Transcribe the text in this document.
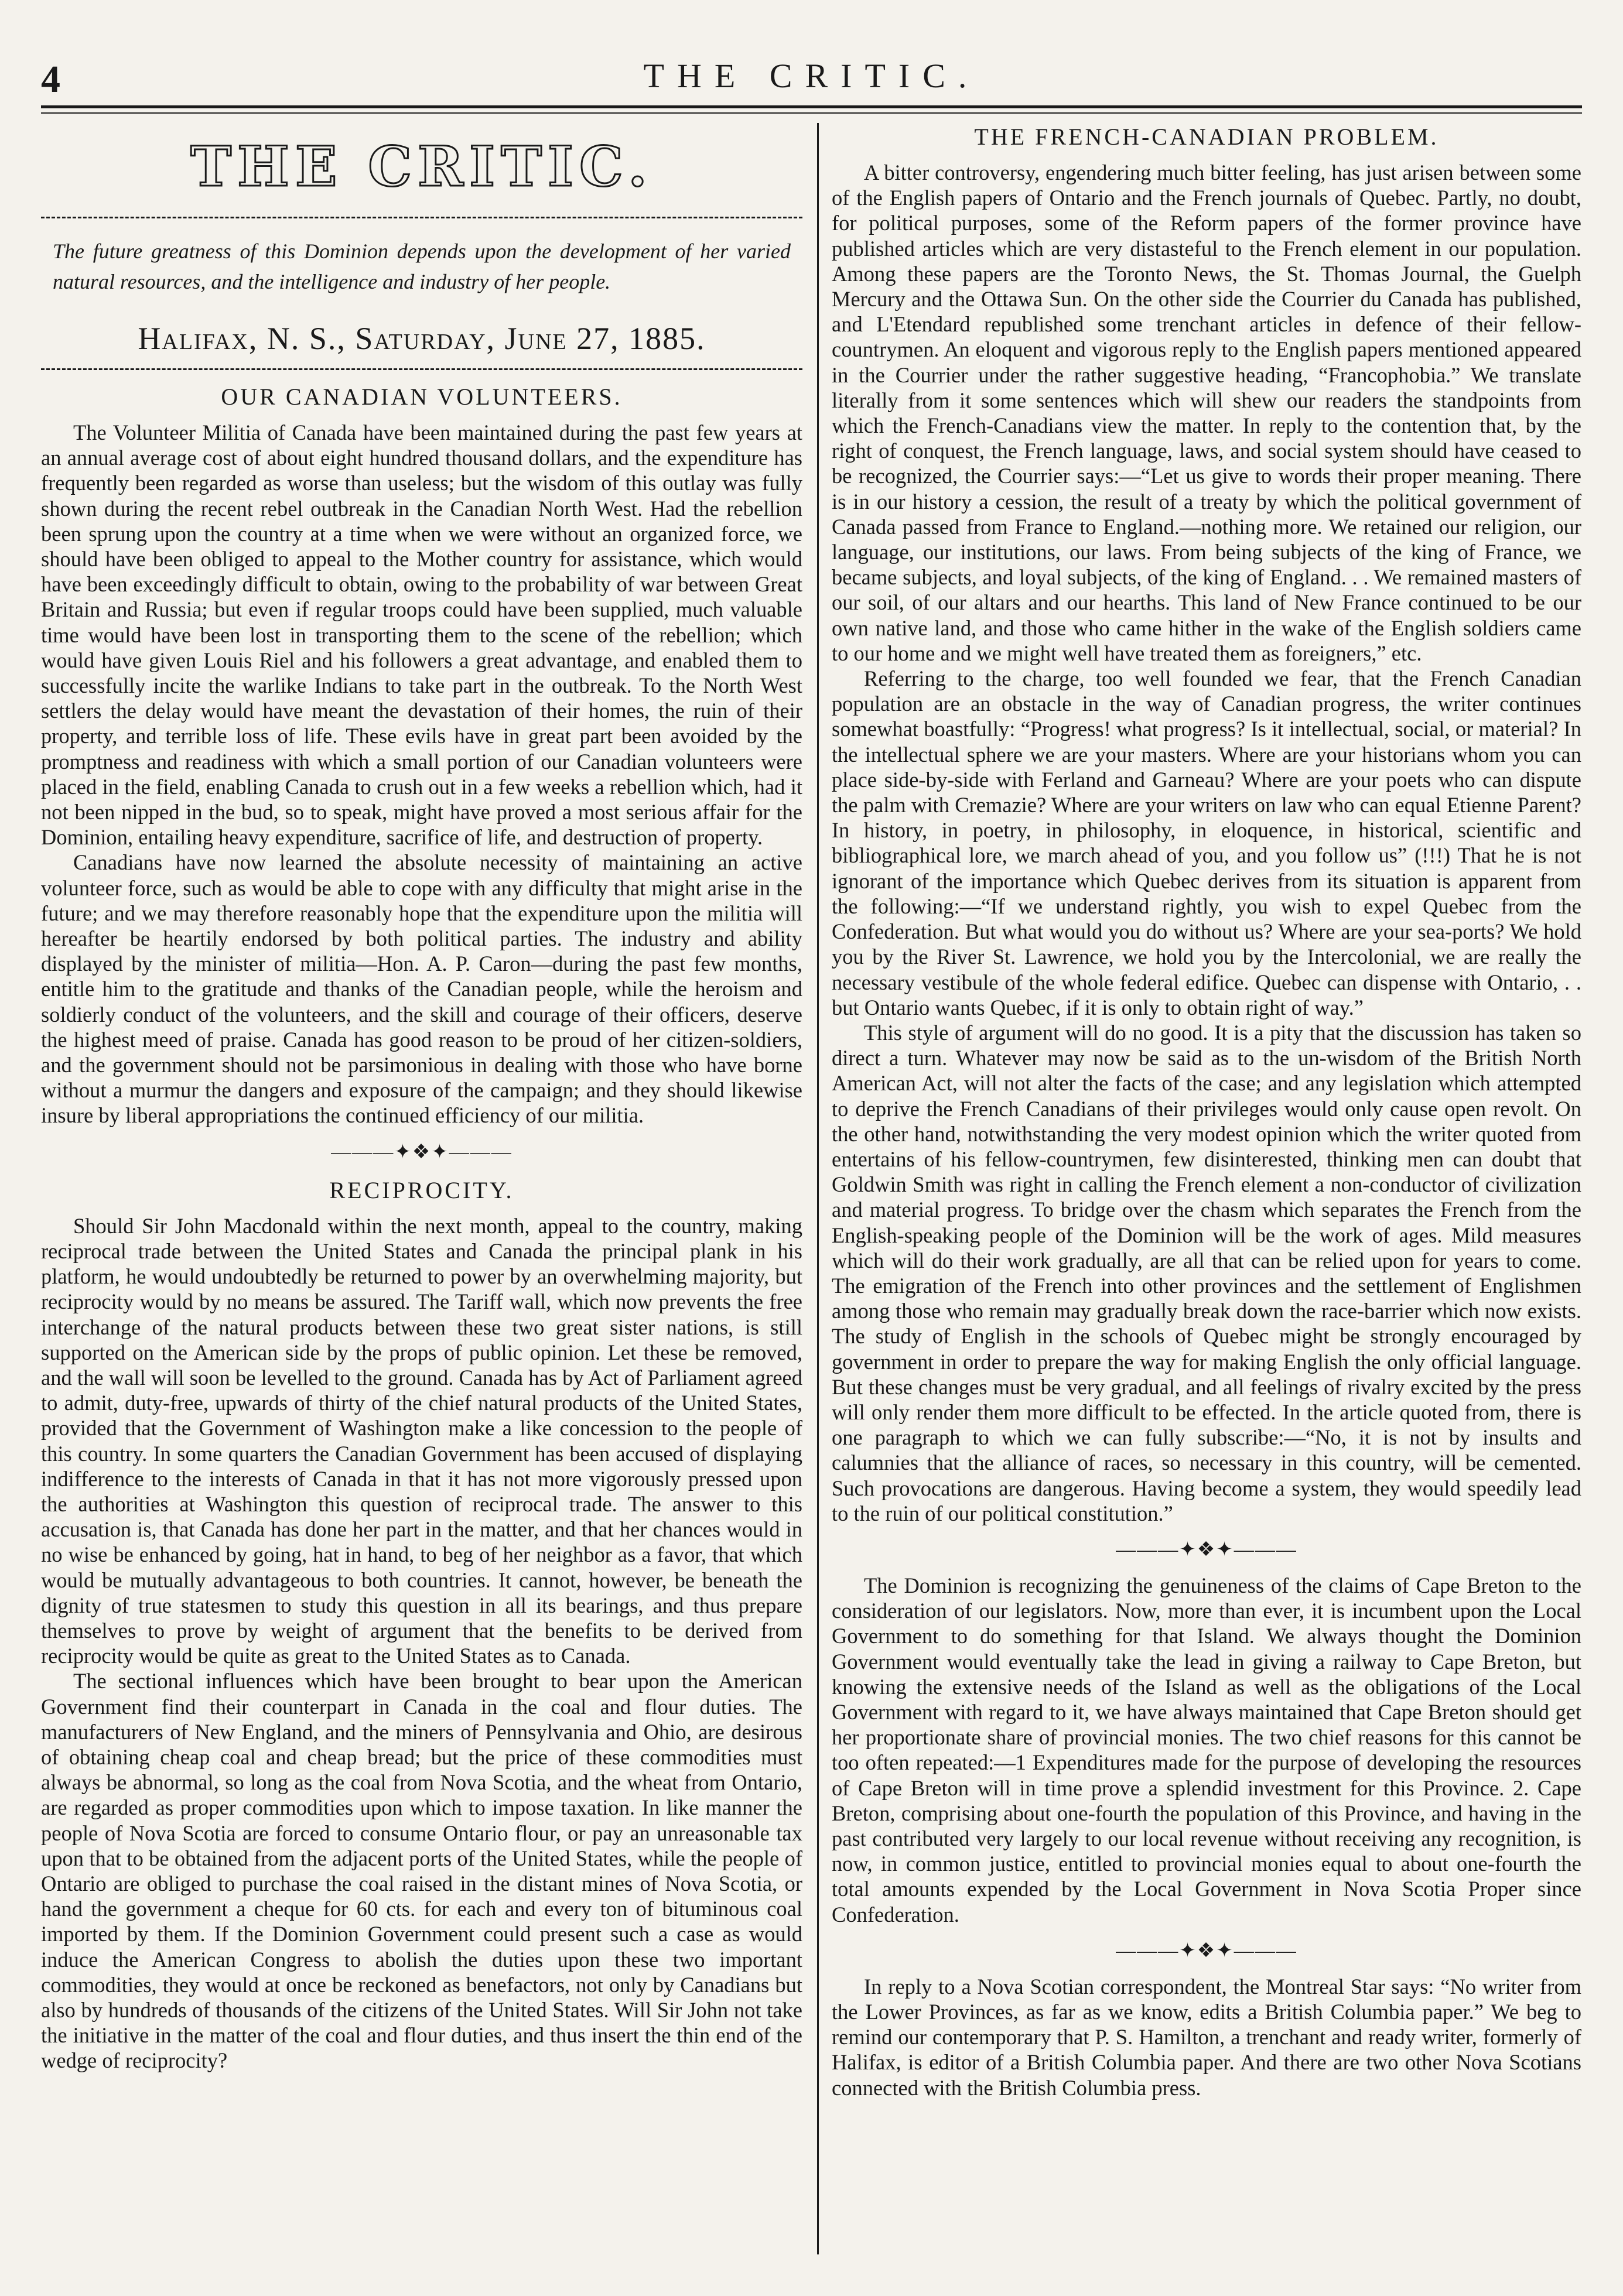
4	THE CRITIC.
THE CRITIC.
The future greatness of this Dominion depends upon the development of her varied natural resources, and the intelligence and industry of her people.
Halifax, N. S., Saturday, June 27, 1885.
OUR CANADIAN VOLUNTEERS.

The Volunteer Militia of Canada have been maintained during the past few years at an annual average cost of about eight hundred thousand dollars, and the expenditure has frequently been regarded as worse than useless; but the wisdom of this outlay was fully shown during the recent rebel outbreak in the Canadian North West. Had the rebellion been sprung upon the country at a time when we were without an organized force, we should have been obliged to appeal to the Mother country for assistance, which would have been exceedingly difficult to obtain, owing to the probability of war between Great Britain and Russia; but even if regular troops could have been supplied, much valuable time would have been lost in transporting them to the scene of the rebellion; which would have given Louis Riel and his followers a great advantage, and enabled them to successfully incite the warlike Indians to take part in the outbreak. To the North West settlers the delay would have meant the devastation of their homes, the ruin of their property, and terrible loss of life. These evils have in great part been avoided by the promptness and readiness with which a small portion of our Canadian volunteers were placed in the field, enabling Canada to crush out in a few weeks a rebellion which, had it not been nipped in the bud, so to speak, might have proved a most serious affair for the Dominion, entailing heavy expenditure, sacrifice of life, and destruction of property.

Canadians have now learned the absolute necessity of maintaining an active volunteer force, such as would be able to cope with any difficulty that might arise in the future; and we may therefore reasonably hope that the expenditure upon the militia will hereafter be heartily endorsed by both political parties. The industry and ability displayed by the minister of militia—Hon. A. P. Caron—during the past few months, entitle him to the gratitude and thanks of the Canadian people, while the heroism and soldierly conduct of the volunteers, and the skill and courage of their officers, deserve the highest meed of praise. Canada has good reason to be proud of her citizen-soldiers, and the government should not be parsimonious in dealing with those who have borne without a murmur the dangers and exposure of the campaign; and they should likewise insure by liberal appropriations the continued efficiency of our militia.

———✦❖✦———
RECIPROCITY.

Should Sir John Macdonald within the next month, appeal to the country, making reciprocal trade between the United States and Canada the principal plank in his platform, he would undoubtedly be returned to power by an overwhelming majority, but reciprocity would by no means be assured. The Tariff wall, which now prevents the free interchange of the natural products between these two great sister nations, is still supported on the American side by the props of public opinion. Let these be removed, and the wall will soon be levelled to the ground. Canada has by Act of Parliament agreed to admit, duty-free, upwards of thirty of the chief natural products of the United States, provided that the Government of Washington make a like concession to the people of this country. In some quarters the Canadian Government has been accused of displaying indifference to the interests of Canada in that it has not more vigorously pressed upon the authorities at Washington this question of reciprocal trade. The answer to this accusation is, that Canada has done her part in the matter, and that her chances would in no wise be enhanced by going, hat in hand, to beg of her neighbor as a favor, that which would be mutually advantageous to both countries. It cannot, however, be beneath the dignity of true statesmen to study this question in all its bearings, and thus prepare themselves to prove by weight of argument that the benefits to be derived from reciprocity would be quite as great to the United States as to Canada.

The sectional influences which have been brought to bear upon the American Government find their counterpart in Canada in the coal and flour duties. The manufacturers of New England, and the miners of Pennsylvania and Ohio, are desirous of obtaining cheap coal and cheap bread; but the price of these commodities must always be abnormal, so long as the coal from Nova Scotia, and the wheat from Ontario, are regarded as proper commodities upon which to impose taxation. In like manner the people of Nova Scotia are forced to consume Ontario flour, or pay an unreasonable tax upon that to be obtained from the adjacent ports of the United States, while the people of Ontario are obliged to purchase the coal raised in the distant mines of Nova Scotia, or hand the government a cheque for 60 cts. for each and every ton of bituminous coal imported by them. If the Dominion Government could present such a case as would induce the American Congress to abolish the duties upon these two important commodities, they would at once be reckoned as benefactors, not only by Canadians but also by hundreds of thousands of the citizens of the United States. Will Sir John not take the initiative in the matter of the coal and flour duties, and thus insert the thin end of the wedge of reciprocity?

THE FRENCH-CANADIAN PROBLEM.

A bitter controversy, engendering much bitter feeling, has just arisen between some of the English papers of Ontario and the French journals of Quebec. Partly, no doubt, for political purposes, some of the Reform papers of the former province have published articles which are very distasteful to the French element in our population. Among these papers are the Toronto News, the St. Thomas Journal, the Guelph Mercury and the Ottawa Sun. On the other side the Courrier du Canada has published, and L'Etendard republished some trenchant articles in defence of their fellow-countrymen. An eloquent and vigorous reply to the English papers mentioned appeared in the Courrier under the rather suggestive heading, “Francophobia.” We translate literally from it some sentences which will shew our readers the standpoints from which the French-Canadians view the matter. In reply to the contention that, by the right of conquest, the French language, laws, and social system should have ceased to be recognized, the Courrier says:—“Let us give to words their proper meaning. There is in our history a cession, the result of a treaty by which the political government of Canada passed from France to England.—nothing more. We retained our religion, our language, our institutions, our laws. From being subjects of the king of France, we became subjects, and loyal subjects, of the king of England. . . We remained masters of our soil, of our altars and our hearths. This land of New France continued to be our own native land, and those who came hither in the wake of the English soldiers came to our home and we might well have treated them as foreigners,” etc.

Referring to the charge, too well founded we fear, that the French Canadian population are an obstacle in the way of Canadian progress, the writer continues somewhat boastfully: “Progress! what progress? Is it intellectual, social, or material? In the intellectual sphere we are your masters. Where are your historians whom you can place side-by-side with Ferland and Garneau? Where are your poets who can dispute the palm with Cremazie? Where are your writers on law who can equal Etienne Parent? In history, in poetry, in philosophy, in eloquence, in historical, scientific and bibliographical lore, we march ahead of you, and you follow us” (!!!) That he is not ignorant of the importance which Quebec derives from its situation is apparent from the following:—“If we understand rightly, you wish to expel Quebec from the Confederation. But what would you do without us? Where are your sea-ports? We hold you by the River St. Lawrence, we hold you by the Intercolonial, we are really the necessary vestibule of the whole federal edifice. Quebec can dispense with Ontario, . . but Ontario wants Quebec, if it is only to obtain right of way.”

This style of argument will do no good. It is a pity that the discussion has taken so direct a turn. Whatever may now be said as to the un-wisdom of the British North American Act, will not alter the facts of the case; and any legislation which attempted to deprive the French Canadians of their privileges would only cause open revolt. On the other hand, notwithstanding the very modest opinion which the writer quoted from entertains of his fellow-countrymen, few disinterested, thinking men can doubt that Goldwin Smith was right in calling the French element a non-conductor of civilization and material progress. To bridge over the chasm which separates the French from the English-speaking people of the Dominion will be the work of ages. Mild measures which will do their work gradually, are all that can be relied upon for years to come. The emigration of the French into other provinces and the settlement of Englishmen among those who remain may gradually break down the race-barrier which now exists. The study of English in the schools of Quebec might be strongly encouraged by government in order to prepare the way for making English the only official language. But these changes must be very gradual, and all feelings of rivalry excited by the press will only render them more difficult to be effected. In the article quoted from, there is one paragraph to which we can fully subscribe:—“No, it is not by insults and calumnies that the alliance of races, so necessary in this country, will be cemented. Such provocations are dangerous. Having become a system, they would speedily lead to the ruin of our political constitution.”

———✦❖✦———

The Dominion is recognizing the genuineness of the claims of Cape Breton to the consideration of our legislators. Now, more than ever, it is incumbent upon the Local Government to do something for that Island. We always thought the Dominion Government would eventually take the lead in giving a railway to Cape Breton, but knowing the extensive needs of the Island as well as the obligations of the Local Government with regard to it, we have always maintained that Cape Breton should get her proportionate share of provincial monies. The two chief reasons for this cannot be too often repeated:—1 Expenditures made for the purpose of developing the resources of Cape Breton will in time prove a splendid investment for this Province. 2. Cape Breton, comprising about one-fourth the population of this Province, and having in the past contributed very largely to our local revenue without receiving any recognition, is now, in common justice, entitled to provincial monies equal to about one-fourth the total amounts expended by the Local Government in Nova Scotia Proper since Confederation.

———✦❖✦———

In reply to a Nova Scotian correspondent, the Montreal Star says: “No writer from the Lower Provinces, as far as we know, edits a British Columbia paper.” We beg to remind our contemporary that P. S. Hamilton, a trenchant and ready writer, formerly of Halifax, is editor of a British Columbia paper. And there are two other Nova Scotians connected with the British Columbia press.
